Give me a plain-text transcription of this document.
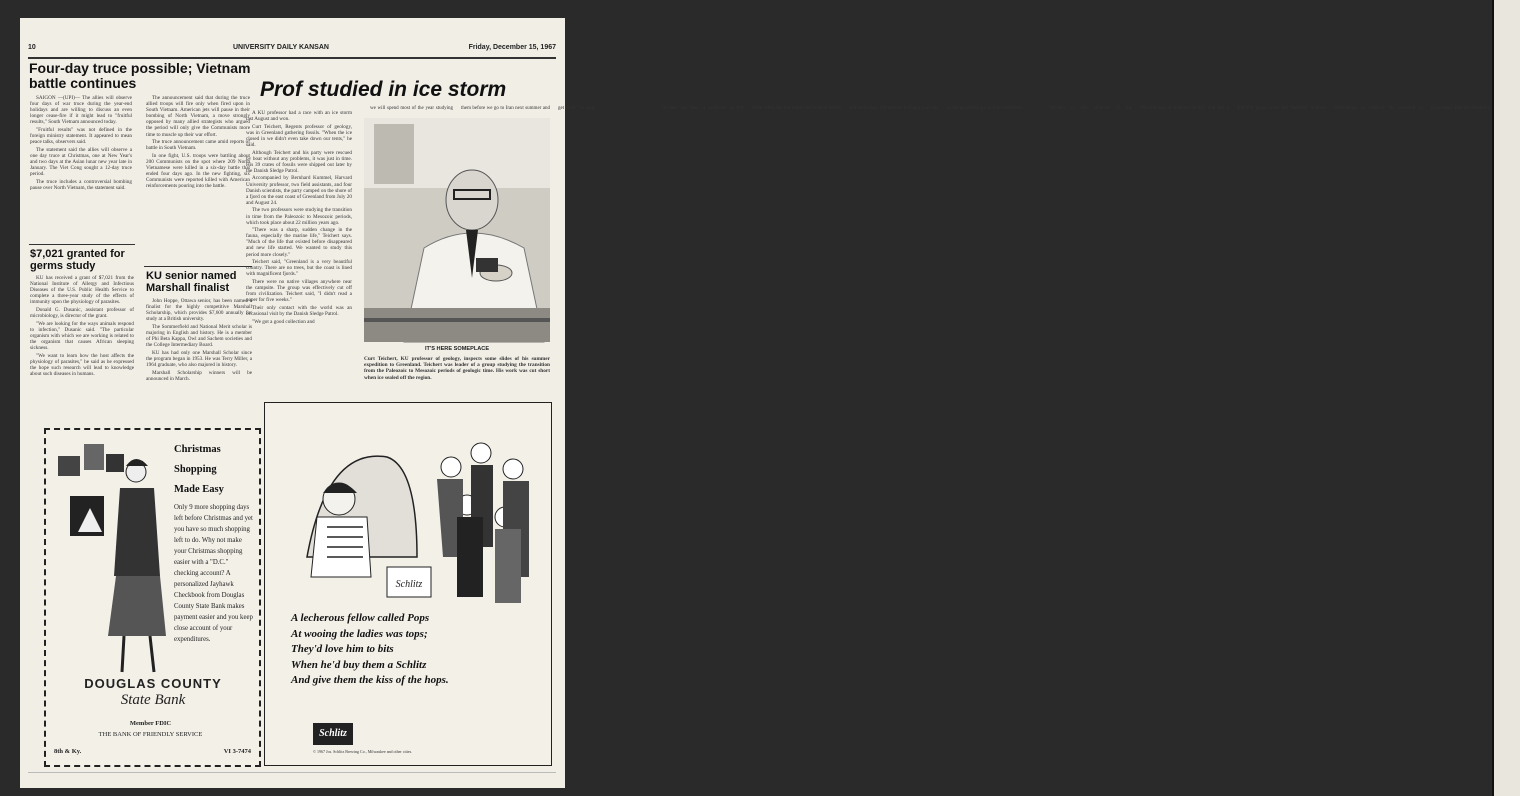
10	UNIVERSITY DAILY KANSAN	Friday, December 15, 1967
Four-day truce possible; Vietnam battle continues

SAIGON —(UPI)— The allies will observe four days of war truce during the year-end holidays and are willing to discuss an even longer cease-fire if it might lead to "fruitful results," South Vietnam announced today.

"Fruitful results" was not defined in the foreign ministry statement. It appeared to mean peace talks, observers said.

The statement said the allies will observe a one day truce at Christmas, one at New Year's and two days at the Asian lunar new year late in January. The Viet Cong sought a 12-day truce period.

The truce includes a controversial bombing pause over North Vietnam, the statement said.

The announcement said that during the truce allied troops will fire only when fired upon in South Vietnam. American jets will pause in their bombing of North Vietnam, a move strongly opposed by many allied strategists who argued the period will only give the Communists more time to muscle up their war effort.

The truce announcement came amid reports of battle in South Vietnam.

In one fight, U.S. troops were battling about 200 Communists on the spot where 209 North Vietnamese were killed in a six-day battle that ended four days ago. In the new fighting, six Communists were reported killed with American reinforcements pouring into the battle.

$7,021 granted for germs study

KU has received a grant of $7,021 from the National Institute of Allergy and Infectious Diseases of the U.S. Public Health Service to complete a three-year study of the effects of immunity upon the physiology of parasites.

Donald G. Dusanic, assistant professor of microbiology, is director of the grant.

"We are looking for the ways animals respond to infection," Dusanic said. "The particular organism with which we are working is related to the organism that causes African sleeping sickness.

"We want to learn how the host affects the physiology of parasites," he said as he expressed the hope such research will lead to knowledge about such diseases in humans.

KU senior named Marshall finalist

John Hoppe, Ottawa senior, has been named a finalist for the highly competitive Marshall Scholarship, which provides $7,600 annually for study at a British university.

The Sommerfield and National Merit scholar is majoring in English and history. He is a member of Phi Beta Kappa, Owl and Sachem societies and the College Intermediary Board.

KU has had only one Marshall Scholar since the program began in 1953. He was Terry Miller, a 1964 graduate, who also majored in history.

Marshall Scholarship winners will be announced in March.

Prof studied in ice storm

A KU professor had a race with an ice storm last August and won.

Curt Teichert, Regents professor of geology, was in Greenland gathering fossils. "When the ice closed in we didn't even take down our tents," he said.

Although Teichert and his party were rescued by boat without any problems, it was just in time. His 39 crates of fossils were shipped out later by the Danish Sledge Patrol.

Accompanied by Bernhard Kummel, Harvard University professor, two field assistants, and four Danish scientists, the party camped on the shore of a fjord on the east coast of Greenland from July 20 and August 24.

The two professors were studying the transition in time from the Paleozoic to Mesozoic periods, which took place about 22 million years ago.

"There was a sharp, sudden change in the fauna, especially the marine life," Teichert says. "Much of the life that existed before disappeared and new life started. We wanted to study this period more closely."

Teichert said, "Greenland is a very beautiful country. There are no trees, but the coast is lined with magnificent fjords."

There were no native villages anywhere near the campsite. The group was effectively cut off from civilization. Teichert said, "I didn't read a paper for five weeks."

Their only contact with the world was an occasional visit by the Danish Sledge Patrol.

"We got a good collection and

IT'S HERE SOMEPLACE
Curt Teichert, KU professor of geology, inspects some slides of his summer expedition to Greenland. Teichert was leader of a group studying the transition from the Paleozoic to Mesozoic periods of geologic time. His work was cut short when ice sealed off the region.
Christmas
Shopping
Made Easy
Only 9 more shopping days left before Christmas and yet you have so much shopping left to do. Why not make your Christmas shopping easier with a "D.C." checking account? A personalized Jayhawk Checkbook from Douglas County State Bank makes payment easier and you keep close account of your expenditures.
DOUGLAS COUNTY
State Bank
Member FDIC
THE BANK OF FRIENDLY SERVICE
8th & Ky.	VI 3-7474
Schlitz
A lecherous fellow called Pops
At wooing the ladies was tops;
They'd love him to bits
When he'd buy them a Schlitz
And give them the kiss of the hops.
Schlitz
© 1967 Jos. Schlitz Brewing Co., Milwaukee and other cities.

we will spend most of the year studying them before we go to Iran next summer and get more," he said.	Teichert has been a professor at KU since 1964. He has published several books and more than 150 articles in major journals on the paleontology of four continents.	Teichert is also director of the Paleontological Institute at KU and has a $34,000 grant from the National Science Foundation to conduct his research in Greenland, Iran and Kashmir.
